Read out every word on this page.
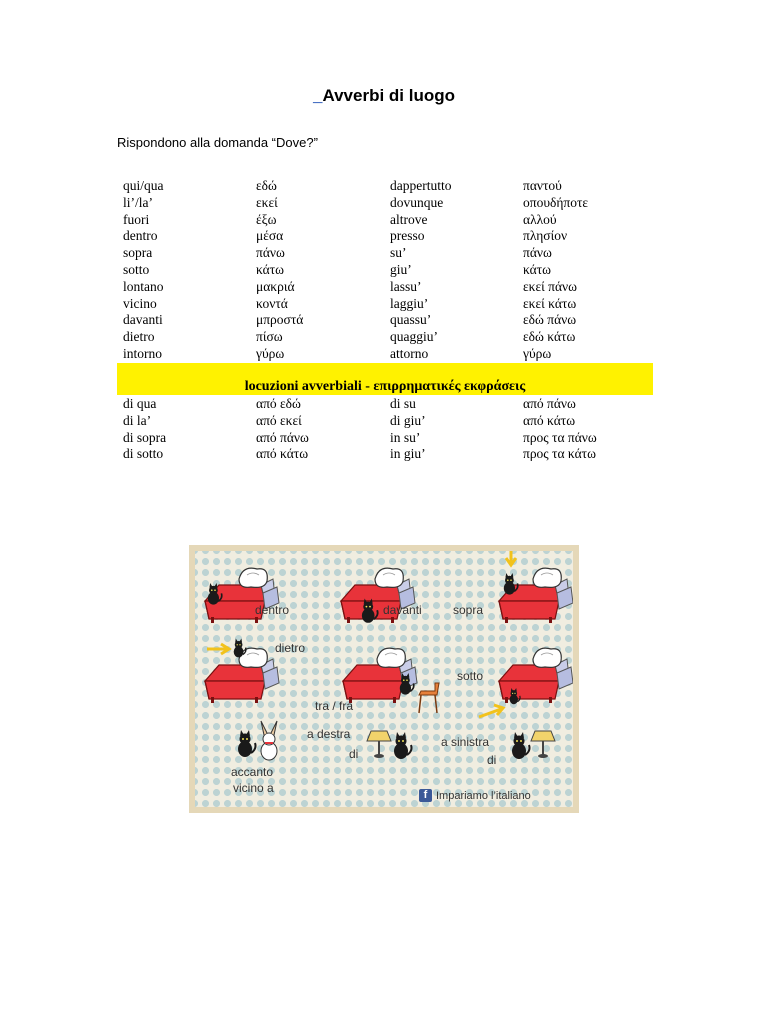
_Avverbi di luogo
Rispondono alla domanda “Dove?”
qui/qua	εδώ	dappertutto	παντού
li’/la’	εκεί	dovunque	οπουδήποτε
fuori	έξω	altrove	αλλού
dentro	μέσα	presso	πλησίον
sopra	πάνω	su’	πάνω
sotto	κάτω	giu’	κάτω
lontano	μακριά	lassu’	εκεί πάνω
vicino	κοντά	laggiu’	εκεί κάτω
davanti	μπροστά	quassu’	εδώ πάνω
dietro	πίσω	quaggiu’	εδώ κάτω
intorno	γύρω	attorno	γύρω
locuzioni avverbiali - επιρρηματικές εκφράσεις
di qua	από εδώ	di su	από πάνω
di la’	από εκεί	di giu’	από κάτω
di sopra	από πάνω	in su’	προς τα πάνω
di sotto	από κάτω	in giu’	προς τα κάτω
dentro	davanti	sopra
dietro
sotto
tra / fra
a destra
di
a sinistra
di
accanto
vicino a	f Impariamo l’italiano
